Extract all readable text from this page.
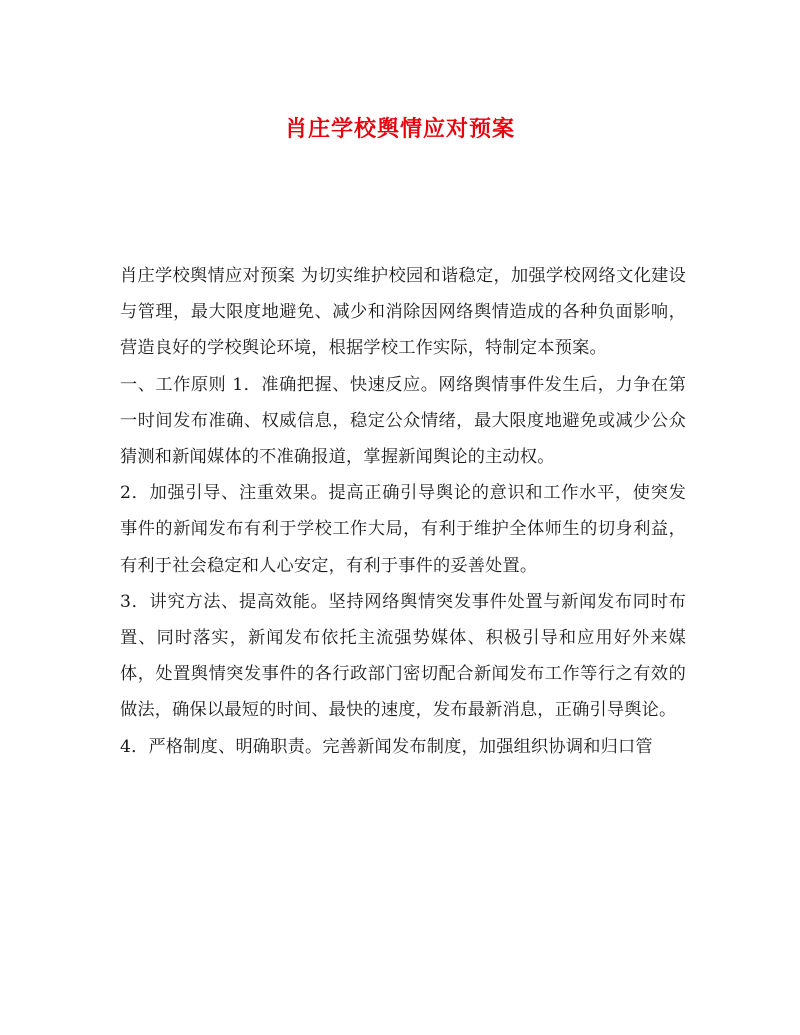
肖庄学校舆情应对预案

肖庄学校舆情应对预案 为切实维护校园和谐稳定，加强学校网络文化建设与管理，最大限度地避免、减少和消除因网络舆情造成的各种负面影响，营造良好的学校舆论环境，根据学校工作实际，特制定本预案。

一、工作原则 1．准确把握、快速反应。网络舆情事件发生后，力争在第一时间发布准确、权威信息，稳定公众情绪，最大限度地避免或减少公众猜测和新闻媒体的不准确报道，掌握新闻舆论的主动权。

2．加强引导、注重效果。提高正确引导舆论的意识和工作水平，使突发事件的新闻发布有利于学校工作大局，有利于维护全体师生的切身利益，有利于社会稳定和人心安定，有利于事件的妥善处置。

3．讲究方法、提高效能。坚持网络舆情突发事件处置与新闻发布同时布置、同时落实，新闻发布依托主流强势媒体、积极引导和应用好外来媒体，处置舆情突发事件的各行政部门密切配合新闻发布工作等行之有效的做法，确保以最短的时间、最快的速度，发布最新消息，正确引导舆论。

4．严格制度、明确职责。完善新闻发布制度，加强组织协调和归口管
